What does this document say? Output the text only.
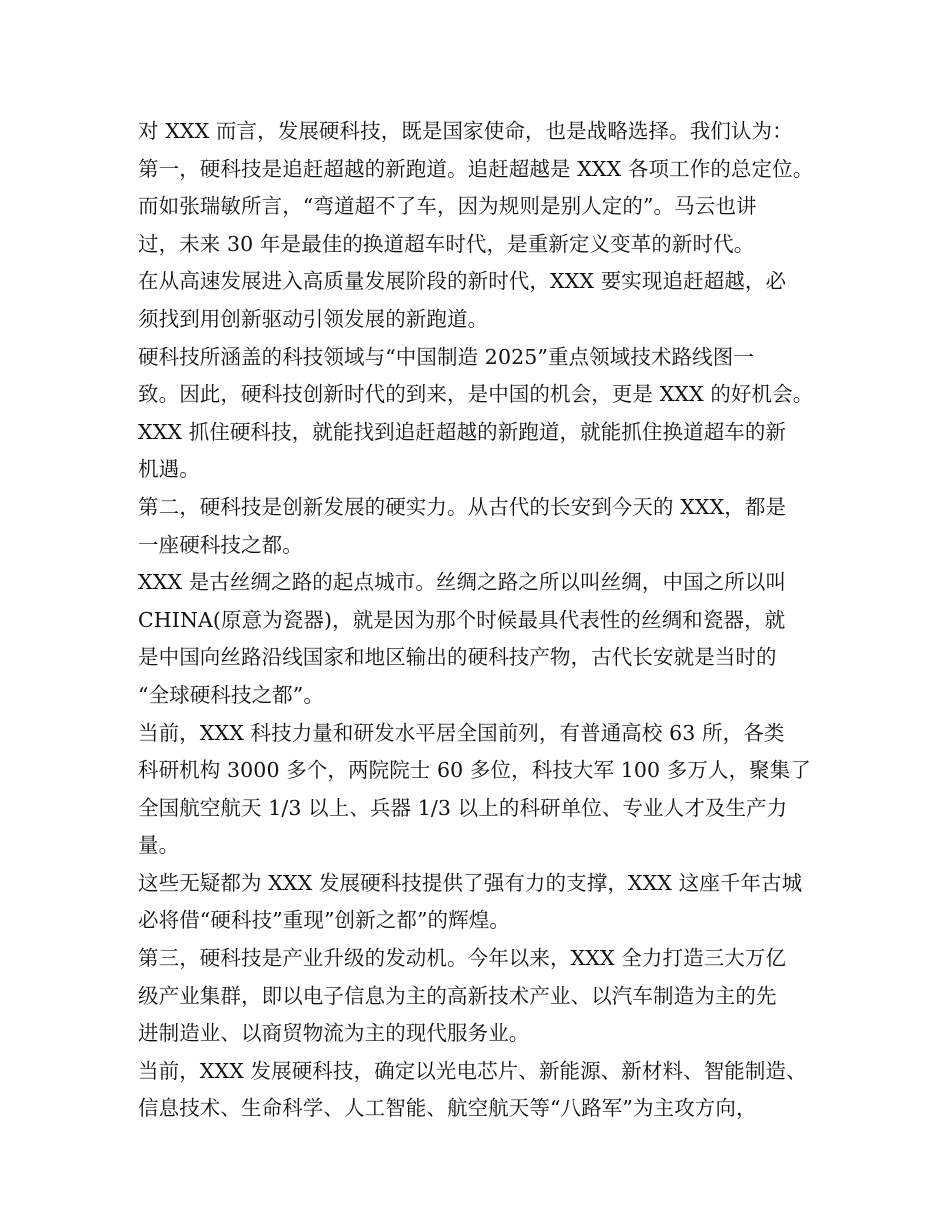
对 XXX 而言，发展硬科技，既是国家使命，也是战略选择。我们认为：
第一，硬科技是追赶超越的新跑道。追赶超越是 XXX 各项工作的总定位。
而如张瑞敏所言，“弯道超不了车，因为规则是别人定的”。马云也讲
过，未来 30 年是最佳的换道超车时代，是重新定义变革的新时代。
在从高速发展进入高质量发展阶段的新时代，XXX 要实现追赶超越，必
须找到用创新驱动引领发展的新跑道。
硬科技所涵盖的科技领域与“中国制造 2025”重点领域技术路线图一
致。因此，硬科技创新时代的到来，是中国的机会，更是 XXX 的好机会。
XXX 抓住硬科技，就能找到追赶超越的新跑道，就能抓住换道超车的新
机遇。
第二，硬科技是创新发展的硬实力。从古代的长安到今天的 XXX，都是
一座硬科技之都。
XXX 是古丝绸之路的起点城市。丝绸之路之所以叫丝绸，中国之所以叫
CHINA(原意为瓷器)，就是因为那个时候最具代表性的丝绸和瓷器，就
是中国向丝路沿线国家和地区输出的硬科技产物，古代长安就是当时的
“全球硬科技之都”。
当前，XXX 科技力量和研发水平居全国前列，有普通高校 63 所，各类
科研机构 3000 多个，两院院士 60 多位，科技大军 100 多万人，聚集了
全国航空航天 1/3 以上、兵器 1/3 以上的科研单位、专业人才及生产力
量。
这些无疑都为 XXX 发展硬科技提供了强有力的支撑，XXX 这座千年古城
必将借“硬科技”重现”创新之都”的辉煌。
第三，硬科技是产业升级的发动机。今年以来，XXX 全力打造三大万亿
级产业集群，即以电子信息为主的高新技术产业、以汽车制造为主的先
进制造业、以商贸物流为主的现代服务业。
当前，XXX 发展硬科技，确定以光电芯片、新能源、新材料、智能制造、
信息技术、生命科学、人工智能、航空航天等“八路军”为主攻方向，
